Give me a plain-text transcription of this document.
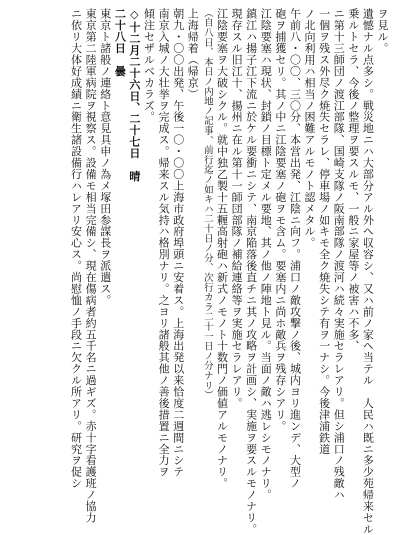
ヲ見ル。
遺憾ナル点多シ。戦災地ニハ大部分アル外ヘ収容シ、又ハ前ノ家ヘ当テル　人民ハ既ニ多少苑帰来セル
乗ルトセラ、今後ノ整理ヲ要スルモ、一般ニ家屋等ノ被害ハ不多、
ニ第十三師団ノ渡江部隊、国崎支隊ノ阪南部隊ノ渡河ハ続々実施セラレアリ。但シ浦口ノ残敵ハ
一個ヲ残ス外尽ク焼失セラレ、停車場ノ如キモ全ク焼失シテ有ヲ一ナシ。今後津浦鉄道
ノ北向利用ハ相当ノ困難アルモノト認メタル。
午前八・〇〇、三〇分、本営出発、江陰ニ向フ。浦口ノ敵攻撃ノ後、城内ヨリ進ンデ、大型ノ
砲ヲ捕獲セリ。其ノ中ニ江陰要塞ノ砲ヲモ含ム。要塞内ニ尚ホ敵兵ヲ残存シアリ。
江陰要塞ハ現状、封鎖ノ目標ト定メル要地、其ノ他ノ陣地ト見ル。当面ノ敵ハ逃レシモノナリ。
鎮江ハ揚子江下流ニ於ケル要衝ニシテ、南京陥落後直チニ其ノ攻略ヲ計画シ、実施ヲ要スルモノナリ。
現存スル旧江十、揚州ニ在ル第十一師団部隊ノ補給連絡等ヲ実施セラレアリ。
江陰要塞ヲ大破シクル。就中独乙製十五糎高射砲ハ新式ノモノト十数門ノ価値アルモノナリ。
（自八日、本日ノ内地ノ記事、前行迄ノ如キハ二十日ノ分、次行カラ二十一日ノ分ナリ）
上海帰着（帰京）
朝九・〇〇出発、午後一〇・〇〇上海市政府埠頭ニ安着ス。上海出発以来恰度二週間ニシテ
南京入城ノ大壮挙ヲ完成ス。帰来スル気持ハ格別ナリ。之ヨリ諸般其他ノ善後措置ニ全力ヲ
傾注セザルベカラズ。
◇十二月二十六日、二十七日　晴
二十八日　曇
東京ト諸般ノ連絡ト意見具申ノ為メ塚田参謀長ヲ派遣ス。
東京第二陸軍病院ヲ視察ス。設備モ相当完備シ、現在傷病者約五千名ニ過ギズ。赤十字看護班ノ協力
ニ依リ大体好成績ニ衛生諸設備行ハレアリ安心ス。尚慰恤ノ手段ニ欠クル所アリ。研究ヲ促シ
